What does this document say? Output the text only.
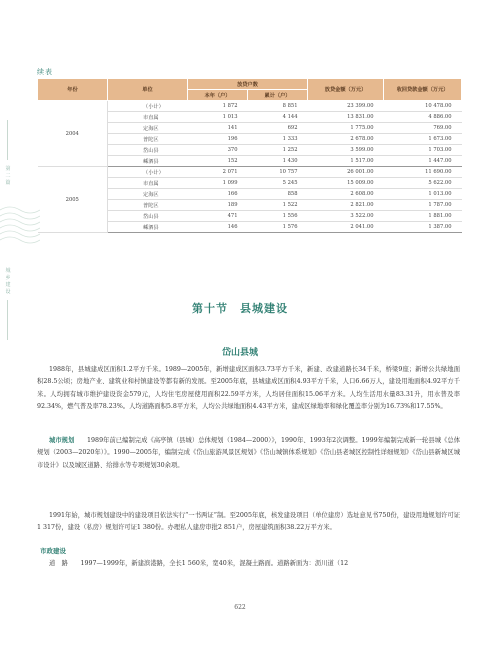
续表
年份	单位	放贷户数		放贷金额（万元）	收回贷款金额（万元）
		本年（户）	累计（户）		
2004	（小计）	1 872	8 851	23 399.00	10 478.00
	市直属	1 013	4 144	13 831.00	4 886.00
	定海区	141	692	1 775.00	769.00
	普陀区	196	1 333	2 678.00	1 673.00
	岱山县	370	1 252	3 599.00	1 703.00
	嵊泗县	152	1 430	1 517.00	1 447.00
2005	（小计）	2 071	10 757	26 001.00	11 690.00
	市直属	1 099	5 245	15 009.00	5 622.00
	定海区	166	858	2 608.00	1 013.00
	普陀区	189	1 522	2 821.00	1 787.00
	岱山县	471	1 556	3 522.00	1 881.00
	嵊泗县	146	1 576	2 041.00	1 387.00
第二篇
城乡建设
第十节　县城建设
岱山县城
1988年，县城建成区面积1.2平方千米。1989—2005年，新增建成区面积3.73平方千米，新建、改建道路长34千米，桥梁9座；新增公共绿地面积28.5公顷；房地产业、建筑业和村镇建设等都有新的发展。至2005年底，县城建成区面积4.93平方千米，人口6.66万人，建设用地面积4.92平方千米。人均拥有城市维护建设资金579元，人均住宅房屋使用面积22.59平方米，人均居住面积15.06平方米。人均生活用水量83.31升，用水普及率92.34%，燃气普及率78.23%。人均道路面积5.8平方米，人均公共绿地面积4.43平方米，建成区绿地率和绿化覆盖率分别为16.73%和17.55%。
城市规划　　 1989年前已编制完成《高亭镇（县城）总体规划（1984—2000）》，1990年、1993年2次调整。1999年编制完成新一轮县城《总体规划（2003—2020年）》。1990—2005年，编制完成《岱山旅游风景区规划》《岱山城镇体系规划》《岱山县老城区控制性详细规划》《岱山县新城区城市设计》以及城区道路、给排水等专项规划30余项。
1991年始，城市规划建设中的建设项目依法实行“一书两证”制。至2005年底，核发建设项目（单位建房）选址意见书750份，建设用地规划许可证1 317份，建设（私房）规划许可证1 380份。办理私人建房审批2 851户，房屋建筑面积38.22万平方米。
市政建设
道　路　　 1997—1999年，新建滨港路，全长1 560米，宽40米，混凝土路面。道路新面为：沥川道（12
622
